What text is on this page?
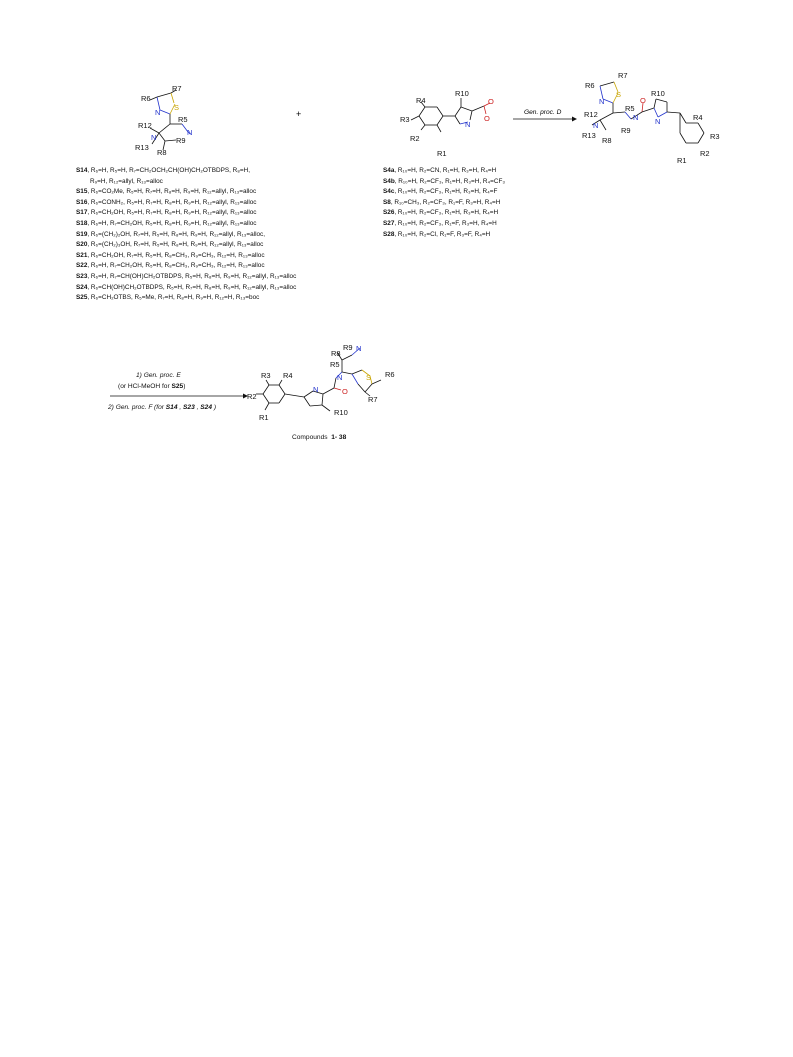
R6
R7
N
S
R5
N
R12
N
R13
R9
R8
+
R10
R4
R3
R2
R1
N
O
O
Gen. proc. D
R6
R7
N
S
R12
N
R13
R8
R9
R5
N
O
R10
N	R4
R3
R2
R1
R9 N
R8
R5
N	S R6
R7
O
N
R3 R4
R2
R1
R10
S14, R₆=H, R₅=H, R₇=CH₂OCH₂CH(OH)CH₂OTBDPS, R₈=H,
R₉=H, R₁₂=allyl, R₁₃=alloc
S15, R₆=CO₂Me, R₅=H, R₇=H, R₈=H, R₉=H, R₁₂=allyl, R₁₃=alloc
S16, R₆=CONH₂, R₅=H, R₇=H, R₈=H, R₉=H, R₁₂=allyl, R₁₃=alloc
S17, R₆=CH₂OH, R₅=H, R₇=H, R₈=H, R₉=H, R₁₂=allyl, R₁₃=alloc
S18, R₆=H, R₇=CH₂OH, R₅=H, R₈=H, R₉=H, R₁₂=allyl, R₁₃=alloc
S19, R₆=(CH₂)₂OH, R₇=H, R₅=H, R₈=H, R₉=H, R₁₂=allyl, R₁₃=alloc,
S20, R₆=(CH₂)₃OH, R₇=H, R₅=H, R₈=H, R₉=H, R₁₂=allyl, R₁₃=alloc
S21, R₆=CH₂OH, R₇=H, R₅=H, R₈=CH₃, R₉=CH₃, R₁₂=H, R₁₃=alloc
S22, R₆=H, R₇=CH₂OH, R₅=H, R₈=CH₃, R₉=CH₃, R₁₂=H, R₁₃=alloc
S23, R₆=H, R₇=CH(OH)CH₂OTBDPS, R₅=H, R₈=H, R₉=H, R₁₂=allyl, R₁₃=alloc
S24, R₆=CH(OH)CH₂OTBDPS, R₅=H, R₇=H, R₈=H, R₉=H, R₁₂=allyl, R₁₃=alloc
S25, R₆=CH₂OTBS, R₅=Me, R₇=H, R₈=H, R₉=H, R₁₂=H, R₁₃=boc
S4a, R₁₀=H, R₂=CN, R₁=H, R₃=H, R₄=H
S4b, R₁₀=H, R₂=CF₃, R₁=H, R₃=H, R₄=CF₃
S4c, R₁₀=H, R₂=CF₃, R₁=H, R₃=H, R₄=F
S8, R₁₀=CH₃, R₂=CF₃, R₁=F, R₃=H, R₄=H
S26, R₁₀=H, R₂=CF₃, R₁=H, R₃=H, R₄=H
S27, R₁₀=H, R₂=CF₃, R₁=F, R₃=H, R₄=H
S28, R₁₀=H, R₂=Cl, R₁=F, R₃=F, R₄=H
1) Gen. proc. E
(or HCl-MeOH for S25)
2) Gen. proc. F (for S14 , S23 , S24 )
Compounds 1- 38
